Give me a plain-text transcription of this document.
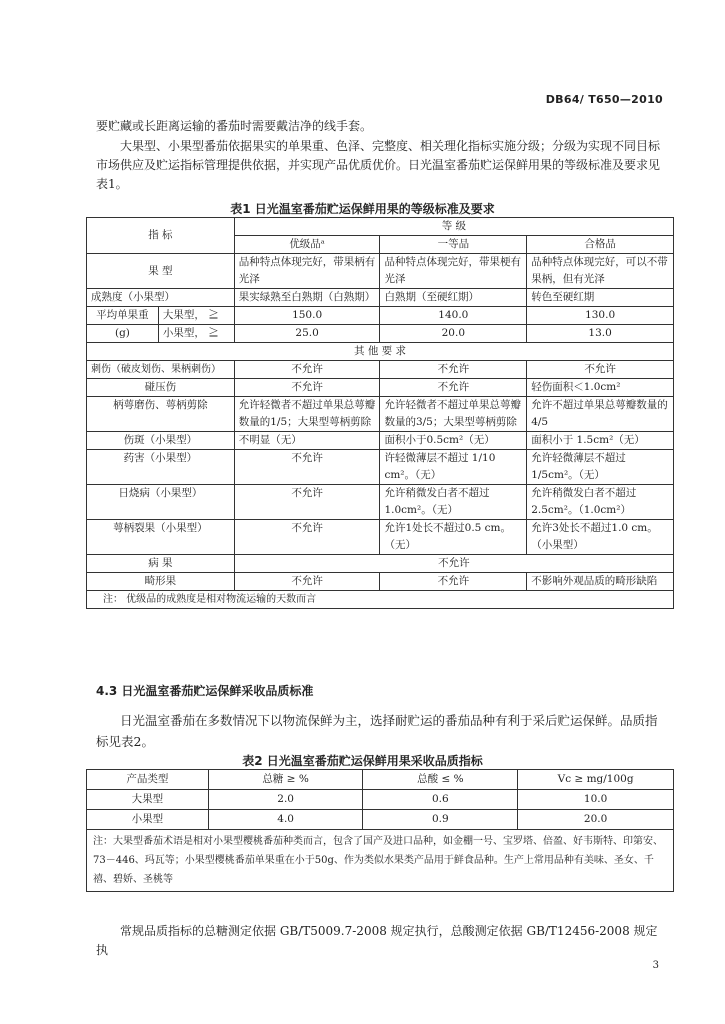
DB64/ T650—2010
要贮藏或长距离运输的番茄时需要戴洁净的线手套。
大果型、小果型番茄依据果实的单果重、色泽、完整度、相关理化指标实施分级；分级为实现不同目标市场供应及贮运指标管理提供依据，并实现产品优质优价。日光温室番茄贮运保鲜用果的等级标准及要求见表1。
表1 日光温室番茄贮运保鲜用果的等级标准及要求
指 标		等 级		
		优级品ᵃ	一等品	合格品
果 型		品种特点体现完好，带果柄有光泽	品种特点体现完好，带果梗有光泽	品种特点体现完好，可以不带果柄，但有光泽
成熟度（小果型）		果实绿熟至白熟期（白熟期）	白熟期（至硬红期）	转色至硬红期
平均单果重	大果型， ≧	150.0	140.0	130.0
(g)	小果型， ≧	25.0	20.0	13.0
其 他 要 求				
刺伤（破皮划伤、果柄刺伤）		不允许	不允许	不允许
碰压伤		不允许	不允许	轻伤面积＜1.0cm²
柄萼磨伤、萼柄剪除		允许轻微者不超过单果总萼瓣数量的1/5；大果型萼柄剪除	允许轻微者不超过单果总萼瓣数量的3/5；大果型萼柄剪除	允许不超过单果总萼瓣数量的4/5
伤斑（小果型）		不明显（无）	面积小于0.5cm²（无）	面积小于 1.5cm²（无）
药害（小果型）		不允许	许轻微薄层不超过 1/10 cm²。（无）	允许轻微薄层不超过1/5cm²。（无）
日烧病（小果型）		不允许	允许稍微发白者不超过1.0cm²。（无）	允许稍微发白者不超过2.5cm²。（1.0cm²）
萼柄裂果（小果型）		不允许	允许1处长不超过0.5 cm。（无）	允许3处长不超过1.0 cm。（小果型）
病 果		不允许		
畸形果		不允许	不允许	不影响外观品质的畸形缺陷
注： 优级品的成熟度是相对物流运输的天数而言				
4.3 日光温室番茄贮运保鲜采收品质标准
日光温室番茄在多数情况下以物流保鲜为主，选择耐贮运的番茄品种有利于采后贮运保鲜。品质指标见表2。
表2 日光温室番茄贮运保鲜用果采收品质指标
产品类型	总糖 ≥ %	总酸 ≤ %	Vc ≥ mg/100g
大果型	2.0	0.6	10.0
小果型	4.0	0.9	20.0
注：大果型番茄术语是相对小果型樱桃番茄种类而言，包含了国产及进口品种，如金棚一号、宝罗塔、倍盈、好韦斯特、印第安、73－446、玛瓦等；小果型樱桃番茄单果重在小于50g、作为类似水果类产品用于鲜食品种。生产上常用品种有美味、圣女、千禧、碧娇、圣桃等			
常规品质指标的总糖测定依据 GB/T5009.7-2008 规定执行，总酸测定依据 GB/T12456-2008 规定执
3
